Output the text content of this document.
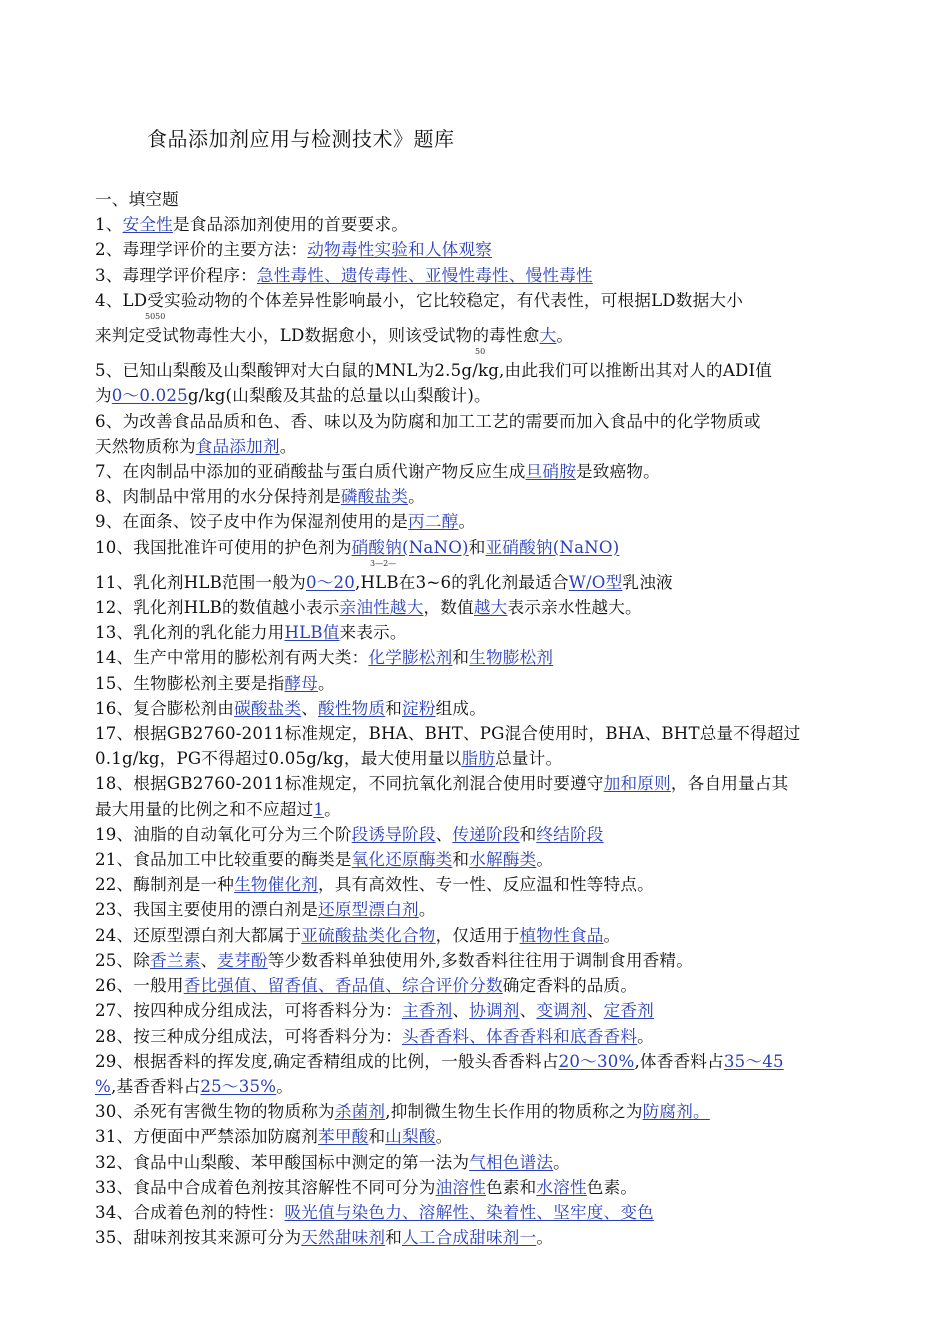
食品添加剂应用与检测技术》题库
一、填空题
1、安全性是食品添加剂使用的首要要求。
2、毒理学评价的主要方法：动物毒性实验和人体观察
3、毒理学评价程序：急性毒性、遗传毒性、亚慢性毒性、慢性毒性
4、LD受实验动物的个体差异性影响最小，它比较稳定，有代表性，可根据LD数据大小
5050
来判定受试物毒性大小，LD数据愈小，则该受试物的毒性愈大。
50
5、已知山梨酸及山梨酸钾对大白鼠的MNL为2.5g/kg,由此我们可以推断出其对人的ADI值
为0～0.025g/kg(山梨酸及其盐的总量以山梨酸计)。
6、为改善食品品质和色、香、味以及为防腐和加工工艺的需要而加入食品中的化学物质或
天然物质称为食品添加剂。
7、在肉制品中添加的亚硝酸盐与蛋白质代谢产物反应生成旦硝胺是致癌物。
8、肉制品中常用的水分保持剂是磷酸盐类。
9、在面条、饺子皮中作为保湿剂使用的是丙二醇。
10、我国批准许可使用的护色剂为硝酸钠(NaNO)和亚硝酸钠(NaNO)
3—2—
11、乳化剂HLB范围一般为0～20,HLB在3~6的乳化剂最适合W/O型乳浊液
12、乳化剂HLB的数值越小表示亲油性越大，数值越大表示亲水性越大。
13、乳化剂的乳化能力用HLB值来表示。
14、生产中常用的膨松剂有两大类：化学膨松剂和生物膨松剂
15、生物膨松剂主要是指酵母。
16、复合膨松剂由碳酸盐类、酸性物质和淀粉组成。
17、根据GB2760-2011标准规定，BHA、BHT、PG混合使用时，BHA、BHT总量不得超过
0.1g/kg，PG不得超过0.05g/kg，最大使用量以脂肪总量计。
18、根据GB2760-2011标准规定，不同抗氧化剂混合使用时要遵守加和原则，各自用量占其
最大用量的比例之和不应超过1。
19、油脂的自动氧化可分为三个阶段诱导阶段、传递阶段和终结阶段
21、食品加工中比较重要的酶类是氧化还原酶类和水解酶类。
22、酶制剂是一种生物催化剂，具有高效性、专一性、反应温和性等特点。
23、我国主要使用的漂白剂是还原型漂白剂。
24、还原型漂白剂大都属于亚硫酸盐类化合物，仅适用于植物性食品。
25、除香兰素、麦芽酚等少数香料单独使用外,多数香料往往用于调制食用香精。
26、一般用香比强值、留香值、香品值、综合评价分数确定香料的品质。
27、按四种成分组成法，可将香料分为：主香剂、协调剂、变调剂、定香剂
28、按三种成分组成法，可将香料分为：头香香料、体香香料和底香香料。
29、根据香料的挥发度,确定香精组成的比例，一般头香香料占20～30%,体香香料占35～45
%,基香香料占25～35%。
30、杀死有害微生物的物质称为杀菌剂,抑制微生物生长作用的物质称之为防腐剂。
31、方便面中严禁添加防腐剂苯甲酸和山梨酸。
32、食品中山梨酸、苯甲酸国标中测定的第一法为气相色谱法。
33、食品中合成着色剂按其溶解性不同可分为油溶性色素和水溶性色素。
34、合成着色剂的特性：吸光值与染色力、溶解性、染着性、坚牢度、变色
35、甜味剂按其来源可分为天然甜味剂和人工合成甜味剂一。
